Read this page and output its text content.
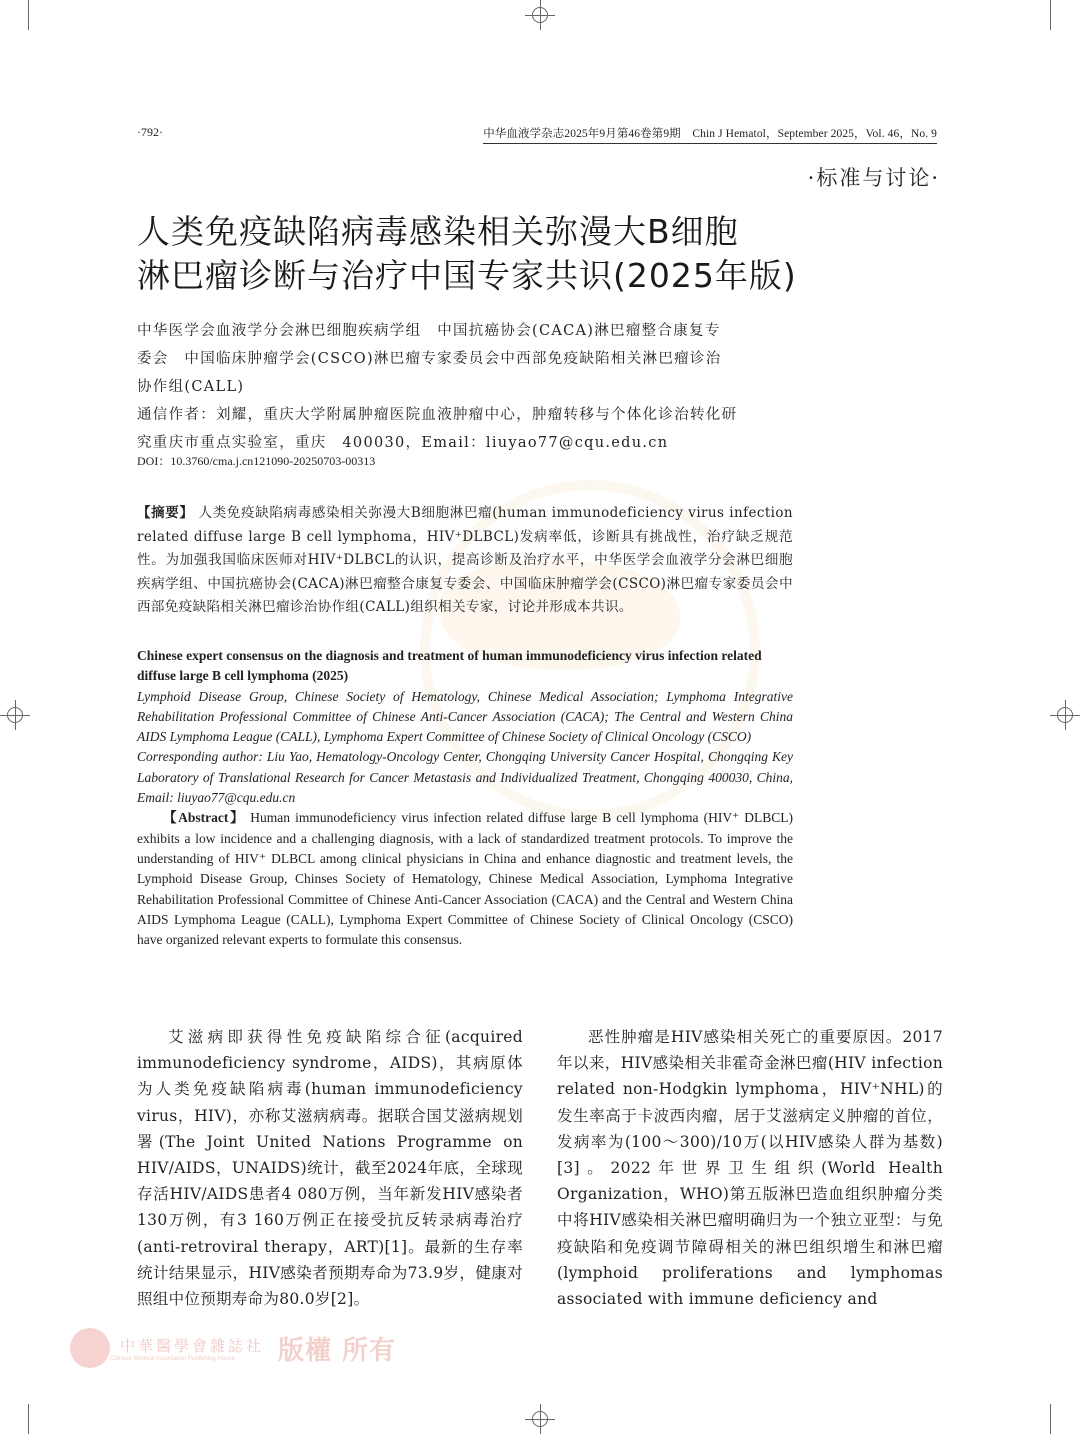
·792·	中华血液学杂志2025年9月第46卷第9期　Chin J Hematol，September 2025，Vol. 46，No. 9
·标准与讨论·
人类免疫缺陷病毒感染相关弥漫大B细胞
淋巴瘤诊断与治疗中国专家共识(2025年版)
中华医学会血液学分会淋巴细胞疾病学组　中国抗癌协会(CACA)淋巴瘤整合康复专
委会　中国临床肿瘤学会(CSCO)淋巴瘤专家委员会中西部免疫缺陷相关淋巴瘤诊治
协作组(CALL)
通信作者：刘耀，重庆大学附属肿瘤医院血液肿瘤中心，肿瘤转移与个体化诊治转化研
究重庆市重点实验室，重庆　400030，Email：liuyao77@cqu.edu.cn
DOI：10.3760/cma.j.cn121090-20250703-00313
【摘要】 人类免疫缺陷病毒感染相关弥漫大B细胞淋巴瘤(human immunodeficiency virus infection related diffuse large B cell lymphoma，HIV⁺DLBCL)发病率低，诊断具有挑战性，治疗缺乏规范性。为加强我国临床医师对HIV⁺DLBCL的认识，提高诊断及治疗水平，中华医学会血液学分会淋巴细胞疾病学组、中国抗癌协会(CACA)淋巴瘤整合康复专委会、中国临床肿瘤学会(CSCO)淋巴瘤专家委员会中西部免疫缺陷相关淋巴瘤诊治协作组(CALL)组织相关专家，讨论并形成本共识。
Chinese expert consensus on the diagnosis and treatment of human immunodeficiency virus infection related diffuse large B cell lymphoma (2025)
Lymphoid Disease Group, Chinese Society of Hematology, Chinese Medical Association; Lymphoma Integrative Rehabilitation Professional Committee of Chinese Anti-Cancer Association (CACA); The Central and Western China AIDS Lymphoma League (CALL), Lymphoma Expert Committee of Chinese Society of Clinical Oncology (CSCO)
Corresponding author: Liu Yao, Hematology-Oncology Center, Chongqing University Cancer Hospital, Chongqing Key Laboratory of Translational Research for Cancer Metastasis and Individualized Treatment, Chongqing 400030, China, Email: liuyao77@cqu.edu.cn
【Abstract】 Human immunodeficiency virus infection related diffuse large B cell lymphoma (HIV⁺ DLBCL) exhibits a low incidence and a challenging diagnosis, with a lack of standardized treatment protocols. To improve the understanding of HIV⁺ DLBCL among clinical physicians in China and enhance diagnostic and treatment levels, the Lymphoid Disease Group, Chinses Society of Hematology, Chinese Medical Association, Lymphoma Integrative Rehabilitation Professional Committee of Chinese Anti-Cancer Association (CACA) and the Central and Western China AIDS Lymphoma League (CALL), Lymphoma Expert Committee of Chinese Society of Clinical Oncology (CSCO) have organized relevant experts to formulate this consensus.

艾滋病即获得性免疫缺陷综合征(acquired immunodeficiency syndrome，AIDS)，其病原体为人类免疫缺陷病毒(human immunodeficiency virus，HIV)，亦称艾滋病病毒。据联合国艾滋病规划署(The Joint United Nations Programme on HIV/AIDS，UNAIDS)统计，截至2024年底，全球现存活HIV/AIDS患者4 080万例，当年新发HIV感染者130万例，有3 160万例正在接受抗反转录病毒治疗(anti-retroviral therapy，ART)[1]。最新的生存率统计结果显示，HIV感染者预期寿命为73.9岁，健康对照组中位预期寿命为80.0岁[2]。

恶性肿瘤是HIV感染相关死亡的重要原因。2017年以来，HIV感染相关非霍奇金淋巴瘤(HIV infection related non-Hodgkin lymphoma，HIV⁺NHL)的发生率高于卡波西肉瘤，居于艾滋病定义肿瘤的首位，发病率为(100～300)/10万(以HIV感染人群为基数)[3]。2022年世界卫生组织(World Health Organization，WHO)第五版淋巴造血组织肿瘤分类中将HIV感染相关淋巴瘤明确归为一个独立亚型：与免疫缺陷和免疫调节障碍相关的淋巴组织增生和淋巴瘤(lymphoid proliferations and lymphomas associated with immune deficiency and

中華醫學會雜誌社
Chinese Medical Association Publishing House	版權 所有
